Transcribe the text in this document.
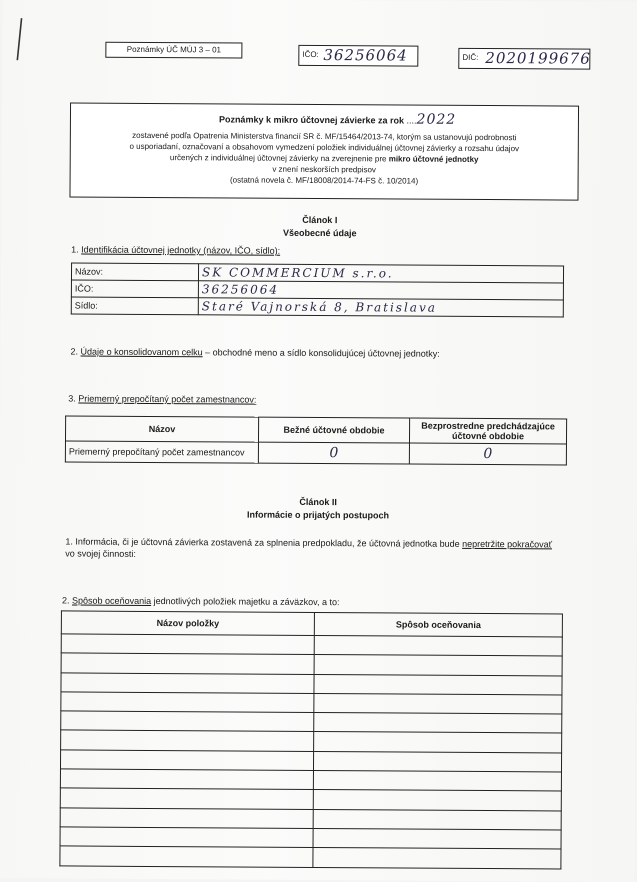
Poznámky ÚČ MÚJ 3 – 01
IČO: 36256064	DIČ: 2020199676
Poznámky k mikro účtovnej závierke za rok ....2022
zostavené podľa Opatrenia Ministerstva financií SR č. MF/15464/2013-74, ktorým sa ustanovujú podrobnosti
o usporiadaní, označovaní a obsahovom vymedzení položiek individuálnej účtovnej závierky a rozsahu údajov
určených z individuálnej účtovnej závierky na zverejnenie pre mikro účtovné jednotky
v znení neskorších predpisov
(ostatná novela č. MF/18008/2014-74-FS č. 10/2014)
Článok I
Všeobecné údaje
1. Identifikácia účtovnej jednotky (názov, IČO, sídlo):
Názov:	SK COMMERCIUM s.r.o.
IČO:	36256064
Sídlo:	Staré Vajnorská 8, Bratislava
2. Údaje o konsolidovanom celku – obchodné meno a sídlo konsolidujúcej účtovnej jednotky:
3. Priemerný prepočítaný počet zamestnancov:
Názov	Bežné účtovné obdobie	Bezprostredne predchádzajúce účtovné obdobie
Priemerný prepočítaný počet zamestnancov	0	0
Článok II
Informácie o prijatých postupoch
1. Informácia, či je účtovná závierka zostavená za splnenia predpokladu, že účtovná jednotka bude nepretržite pokračovať
vo svojej činnosti:
2. Spôsob oceňovania jednotlivých položiek majetku a záväzkov, a to:
Názov položky	Spôsob oceňovania
